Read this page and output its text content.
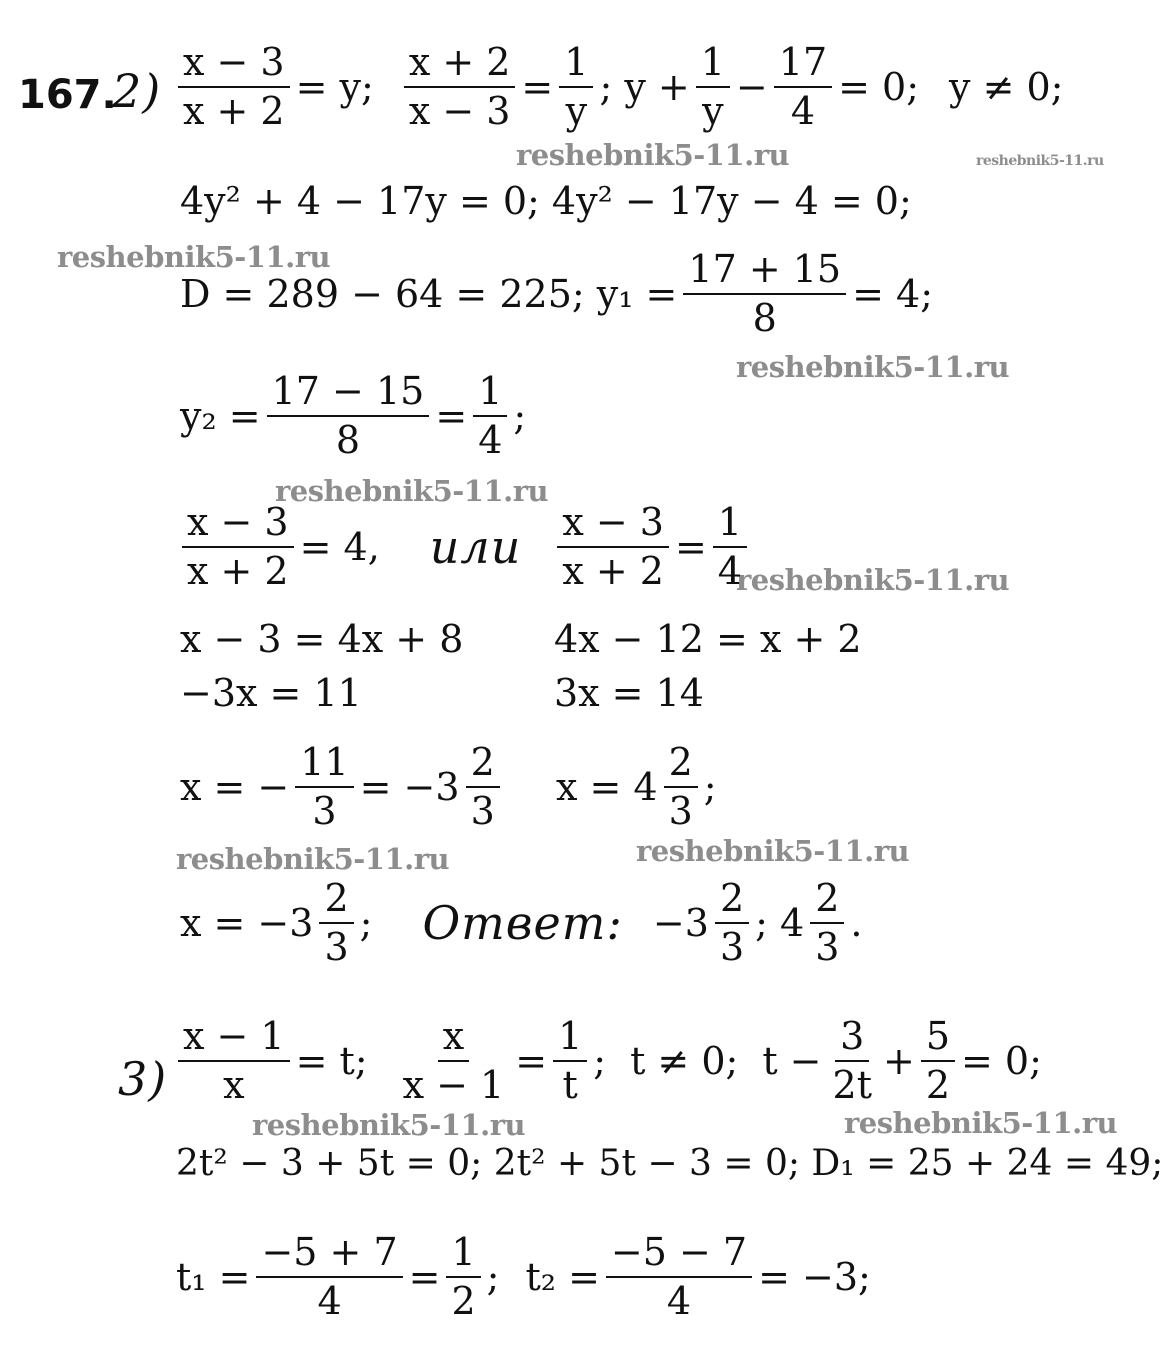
reshebnik5-11.ru	reshebnik5-11.ru
reshebnik5-11.ru
reshebnik5-11.ru
reshebnik5-11.ru
reshebnik5-11.ru
reshebnik5-11.ru	reshebnik5-11.ru
reshebnik5-11.ru	reshebnik5-11.ru
167.
2)
3)
$\frac{x - 3}{x + 2} = y$; $\frac{x + 2}{x - 3} = \frac{1}{y}$ ; $y + \frac{1}{y} - \frac{17}{4} = 0$; y ≠ 0;
4y² + 4 − 17y = 0; 4y² − 17y − 4 = 0;
D = 289 − 64 = 225; $y_1 = \frac{17 + 15}{8} = 4$;
$y_2 = \frac{17 - 15}{8} = \frac{1}{4}$ ;
$\frac{x - 3}{x + 2} = 4$, или $\frac{x - 3}{x + 2} = \frac{1}{4}$
x − 3 = 4x + 8 4x − 12 = x + 2
−3x = 11	3x = 14
x = − $\frac{11}{3} = -3$
2
3
x = 4
2
3
;
x = −3
2
3
; Ответ: −3
2
3
; 4
2
3
.
$\frac{x - 1}{x} = t$; $\frac{x}{x - 1} = \frac{1}{t}$ ; t ≠ 0; $t - \frac{3}{2t} + \frac{5}{2} = 0$;
2t² − 3 + 5t = 0; 2t² + 5t − 3 = 0; D₁ = 25 + 24 = 49;
$t_1 = \frac{-5 + 7}{4} = \frac{1}{2}$ ; $t_2 = \frac{-5 - 7}{4} = -3$;
